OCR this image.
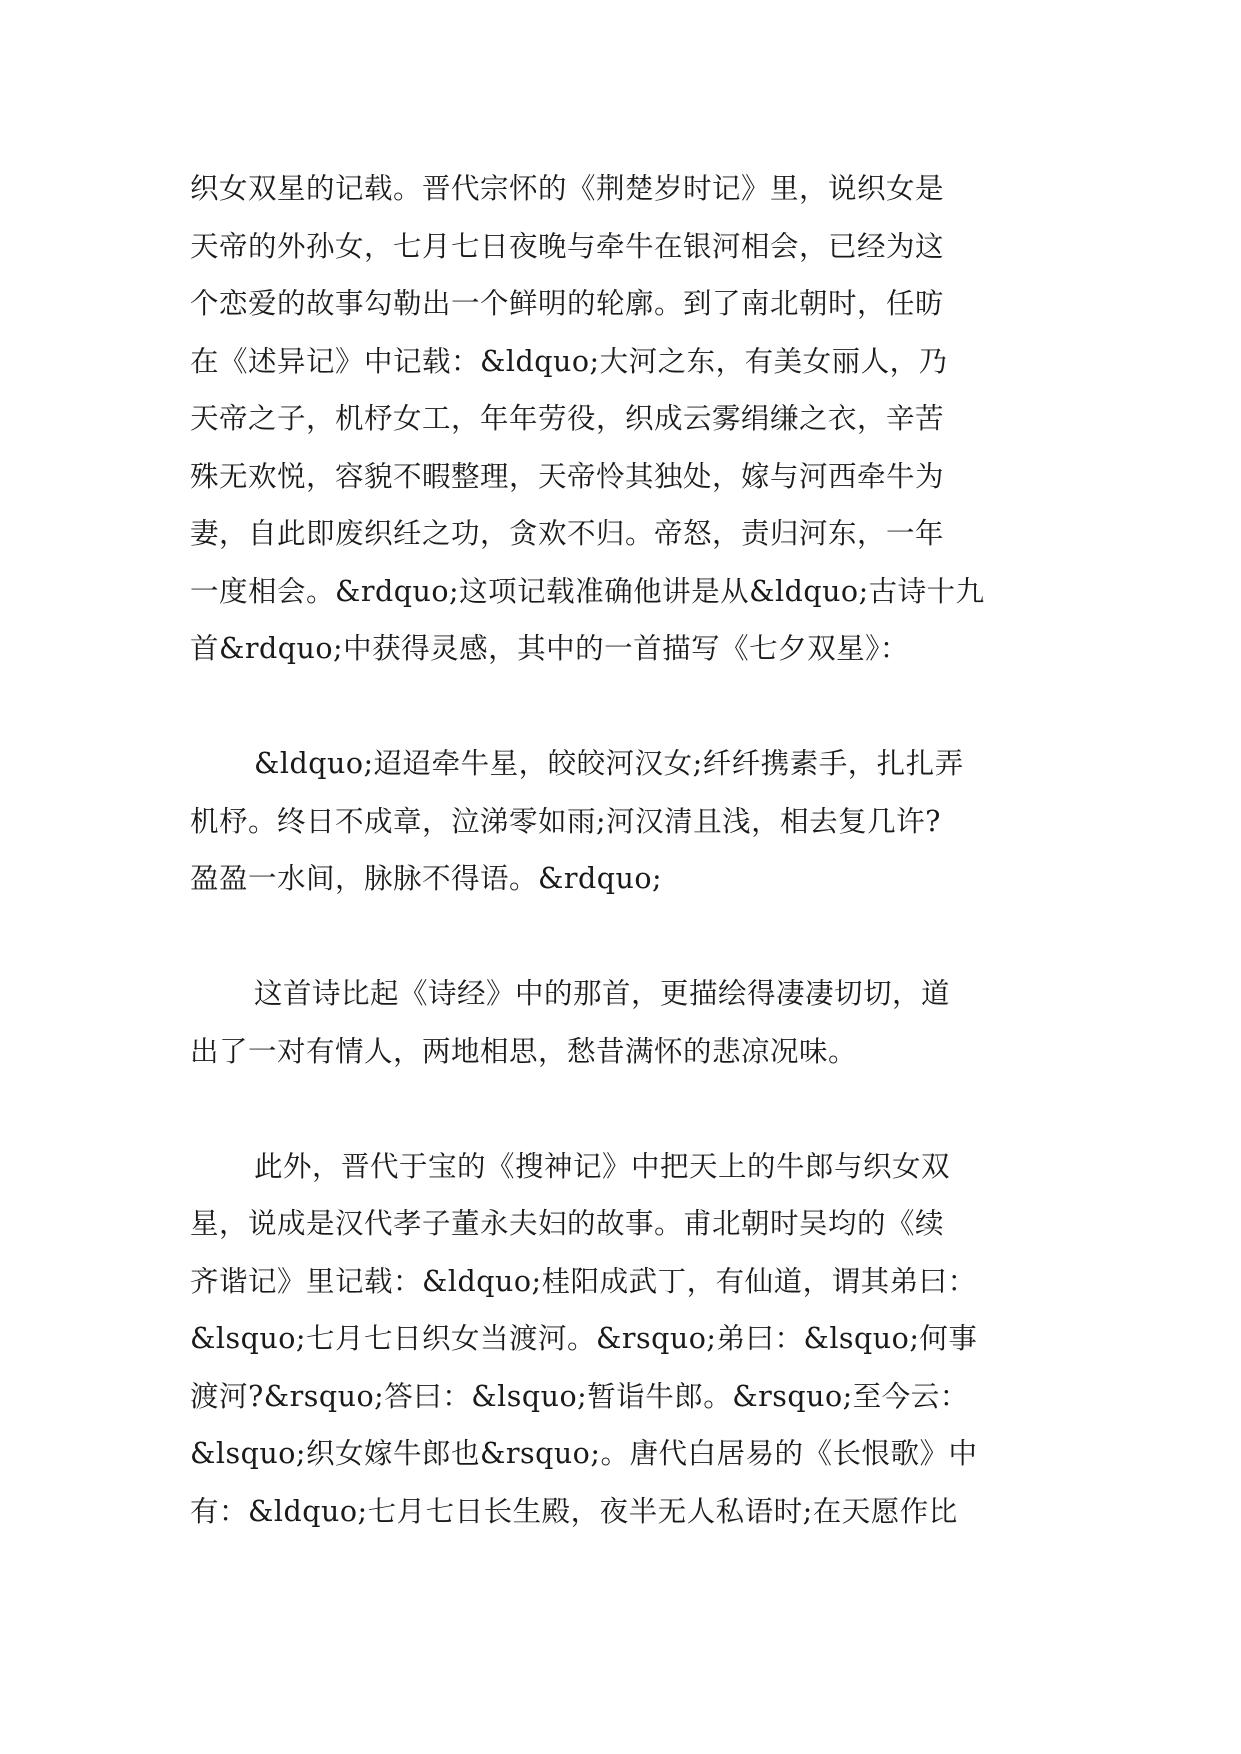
织女双星的记载。晋代宗怀的《荆楚岁时记》里，说织女是
天帝的外孙女，七月七日夜晚与牵牛在银河相会，已经为这
个恋爱的故事勾勒出一个鲜明的轮廓。到了南北朝时，任昉
在《述异记》中记载：&ldquo;大河之东，有美女丽人，乃
天帝之子，机杼女工，年年劳役，织成云雾绢缣之衣，辛苦
殊无欢悦，容貌不暇整理，天帝怜其独处，嫁与河西牵牛为
妻，自此即废织纴之功，贪欢不归。帝怒，责归河东，一年
一度相会。&rdquo;这项记载准确他讲是从&ldquo;古诗十九
首&rdquo;中获得灵感，其中的一首描写《七夕双星》：

&ldquo;迢迢牵牛星，皎皎河汉女;纤纤携素手，扎扎弄
机杼。终日不成章，泣涕零如雨;河汉清且浅，相去复几许?
盈盈一水间，脉脉不得语。&rdquo;

这首诗比起《诗经》中的那首，更描绘得凄凄切切，道
出了一对有情人，两地相思，愁昔满怀的悲凉况味。

此外，晋代于宝的《搜神记》中把天上的牛郎与织女双
星，说成是汉代孝子董永夫妇的故事。甫北朝时吴均的《续
齐谐记》里记载：&ldquo;桂阳成武丁，有仙道，谓其弟曰：
&lsquo;七月七日织女当渡河。&rsquo;弟曰：&lsquo;何事
渡河?&rsquo;答曰：&lsquo;暂诣牛郎。&rsquo;至今云：
&lsquo;织女嫁牛郎也&rsquo;。唐代白居易的《长恨歌》中
有：&ldquo;七月七日长生殿，夜半无人私语时;在天愿作比
